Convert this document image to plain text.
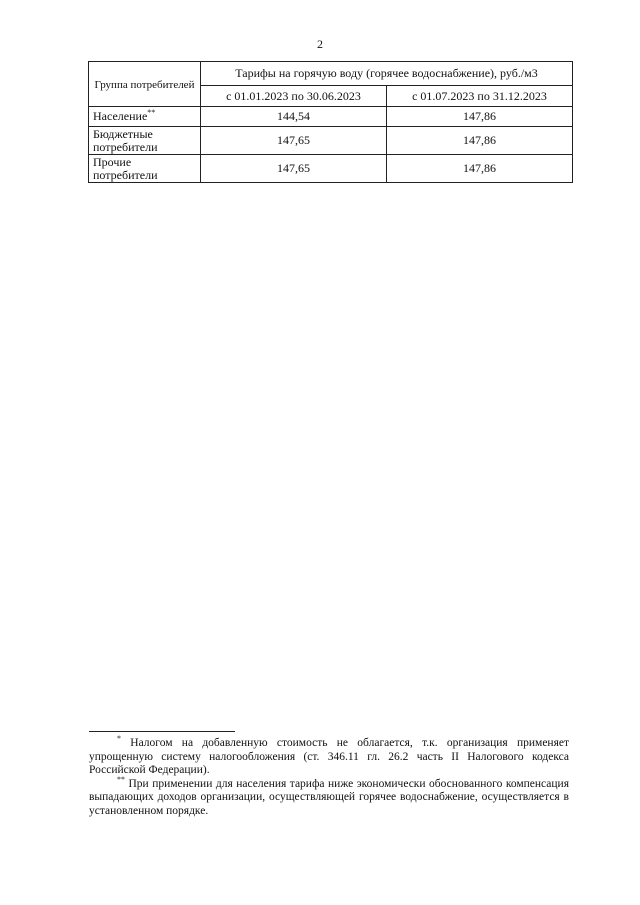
2
Группа потребителей	Тарифы на горячую воду (горячее водоснабжение), руб./м3	
	с 01.01.2023 по 30.06.2023	с 01.07.2023 по 31.12.2023
Население**	144,54	147,86
Бюджетные потребители	147,65	147,86
Прочие потребители	147,65	147,86

* Налогом на добавленную стоимость не облагается, т.к. организация применяет упрощенную систему налогообложения (ст. 346.11 гл. 26.2 часть II Налогового кодекса Российской Федерации).

** При применении для населения тарифа ниже экономически обоснованного компенсация выпадающих доходов организации, осуществляющей горячее водоснабжение, осуществляется в установленном порядке.
